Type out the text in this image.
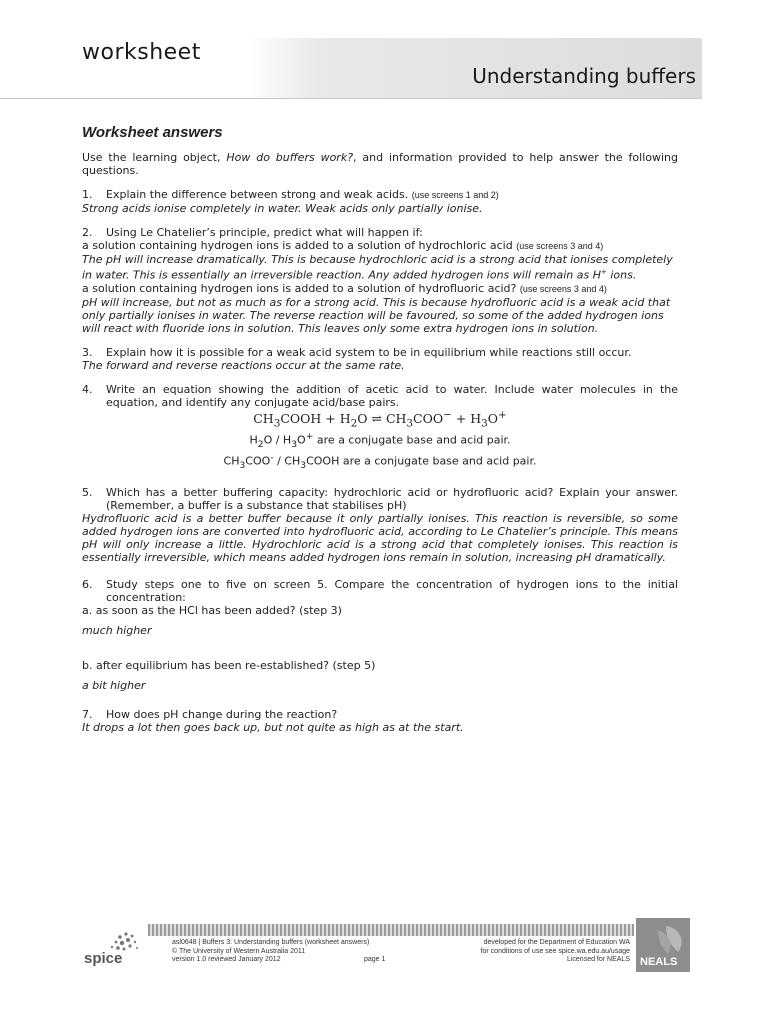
worksheet
Understanding buffers
Worksheet answers

Use the learning object, How do buffers work?, and information provided to help answer the following questions.

1.	Explain the difference between strong and weak acids. (use screens 1 and 2)

Strong acids ionise completely in water. Weak acids only partially ionise.

2.	Using Le Chatelier’s principle, predict what will happen if:

a solution containing hydrogen ions is added to a solution of hydrochloric acid (use screens 3 and 4)

The pH will increase dramatically. This is because hydrochloric acid is a strong acid that ionises completely in water. This is essentially an irreversible reaction. Any added hydrogen ions will remain as H+ ions.

a solution containing hydrogen ions is added to a solution of hydrofluoric acid? (use screens 3 and 4)

pH will increase, but not as much as for a strong acid. This is because hydrofluoric acid is a weak acid that only partially ionises in water. The reverse reaction will be favoured, so some of the added hydrogen ions will react with fluoride ions in solution. This leaves only some extra hydrogen ions in solution.

3.	Explain how it is possible for a weak acid system to be in equilibrium while reactions still occur.

The forward and reverse reactions occur at the same rate.

4.	Write an equation showing the addition of acetic acid to water. Include water molecules in the equation, and identify any conjugate acid/base pairs.

$CH_3COOH + H_2O$ ⇌ $CH_3COO^- + H_3O^+$

$H_2O / H_3O^+$ are a conjugate base and acid pair.

$CH_3COO^-$ / $CH_3COOH$ are a conjugate base and acid pair.

5.	Which has a better buffering capacity: hydrochloric acid or hydrofluoric acid? Explain your answer. (Remember, a buffer is a substance that stabilises pH)

Hydrofluoric acid is a better buffer because it only partially ionises. This reaction is reversible, so some added hydrogen ions are converted into hydrofluoric acid, according to Le Chatelier’s principle. This means pH will only increase a little. Hydrochloric acid is a strong acid that completely ionises. This reaction is essentially irreversible, which means added hydrogen ions remain in solution, increasing pH dramatically.

6.	Study steps one to five on screen 5. Compare the concentration of hydrogen ions to the initial concentration:

a. as soon as the HCl has been added? (step 3)

much higher

b. after equilibrium has been re-established? (step 5)

a bit higher

7.	How does pH change during the reaction?

It drops a lot then goes back up, but not quite as high as at the start.

spice
asl0648 | Buffers 3: Understanding buffers (worksheet answers)
© The University of Western Australia 2011
version 1.0 reviewed January 2012	page 1
developed for the Department of Education WA
for conditions of use see spice.wa.edu.au/usage
Licensed for NEALS NEALS
